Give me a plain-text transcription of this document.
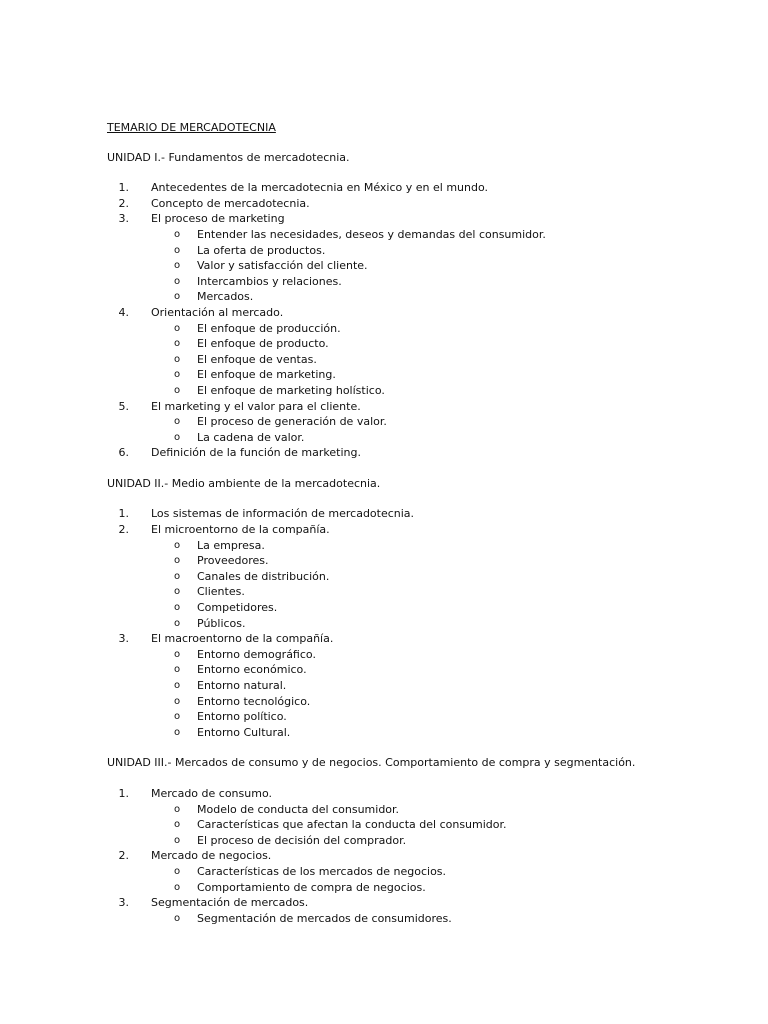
TEMARIO DE MERCADOTECNIA
UNIDAD I.- Fundamentos de mercadotecnia.
1. Antecedentes de la mercadotecnia en México y en el mundo.
2. Concepto de mercadotecnia.
3. El proceso de marketing
o	Entender las necesidades, deseos y demandas del consumidor.
o	La oferta de productos.
o	Valor y satisfacción del cliente.
o	Intercambios y relaciones.
o	Mercados.
4. Orientación al mercado.
o	El enfoque de producción.
o	El enfoque de producto.
o	El enfoque de ventas.
o	El enfoque de marketing.
o	El enfoque de marketing holístico.
5. El marketing y el valor para el cliente.
o	El proceso de generación de valor.
o	La cadena de valor.
6. Definición de la función de marketing.
UNIDAD II.- Medio ambiente de la mercadotecnia.
1. Los sistemas de información de mercadotecnia.
2. El microentorno de la compañía.
o	La empresa.
o	Proveedores.
o	Canales de distribución.
o	Clientes.
o	Competidores.
o	Públicos.
3. El macroentorno de la compañía.
o	Entorno demográfico.
o	Entorno económico.
o	Entorno natural.
o	Entorno tecnológico.
o	Entorno político.
o	Entorno Cultural.
UNIDAD III.- Mercados de consumo y de negocios. Comportamiento de compra y segmentación.
1. Mercado de consumo.
o	Modelo de conducta del consumidor.
o	Características que afectan la conducta del consumidor.
o	El proceso de decisión del comprador.
2. Mercado de negocios.
o	Características de los mercados de negocios.
o	Comportamiento de compra de negocios.
3. Segmentación de mercados.
o	Segmentación de mercados de consumidores.
